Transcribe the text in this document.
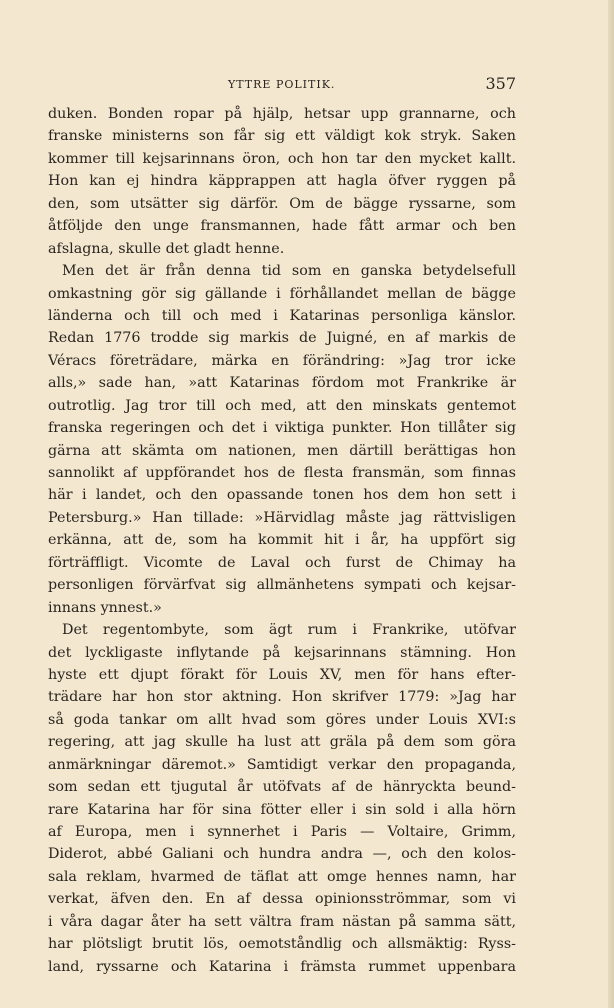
YTTRE POLITIK.	357
duken. Bonden ropar på hjälp, hetsar upp grannarne, och
franske ministerns son får sig ett väldigt kok stryk. Saken
kommer till kejsarinnans öron, och hon tar den mycket kallt.
Hon kan ej hindra käpprappen att hagla öfver ryggen på
den, som utsätter sig därför. Om de bägge ryssarne, som
åtföljde den unge fransmannen, hade fått armar och ben
afslagna, skulle det gladt henne.
Men det är från denna tid som en ganska betydelsefull
omkastning gör sig gällande i förhållandet mellan de bägge
länderna och till och med i Katarinas personliga känslor.
Redan 1776 trodde sig markis de Juigné, en af markis de
Véracs företrädare, märka en förändring: »Jag tror icke
alls,» sade han, »att Katarinas fördom mot Frankrike är
outrotlig. Jag tror till och med, att den minskats gentemot
franska regeringen och det i viktiga punkter. Hon tillåter sig
gärna att skämta om nationen, men därtill berättigas hon
sannolikt af uppförandet hos de flesta fransmän, som finnas
här i landet, och den opassande tonen hos dem hon sett i
Petersburg.» Han tillade: »Härvidlag måste jag rättvisligen
erkänna, att de, som ha kommit hit i år, ha uppfört sig
förträffligt. Vicomte de Laval och furst de Chimay ha
personligen förvärfvat sig allmänhetens sympati och kejsar-
innans ynnest.»
Det regentombyte, som ägt rum i Frankrike, utöfvar
det lyckligaste inflytande på kejsarinnans stämning. Hon
hyste ett djupt förakt för Louis XV, men för hans efter-
trädare har hon stor aktning. Hon skrifver 1779: »Jag har
så goda tankar om allt hvad som göres under Louis XVI:s
regering, att jag skulle ha lust att gräla på dem som göra
anmärkningar däremot.» Samtidigt verkar den propaganda,
som sedan ett tjugutal år utöfvats af de hänryckta beund-
rare Katarina har för sina fötter eller i sin sold i alla hörn
af Europa, men i synnerhet i Paris — Voltaire, Grimm,
Diderot, abbé Galiani och hundra andra —, och den kolos-
sala reklam, hvarmed de täflat att omge hennes namn, har
verkat, äfven den. En af dessa opinionsströmmar, som vi
i våra dagar åter ha sett vältra fram nästan på samma sätt,
har plötsligt brutit lös, oemotståndlig och allsmäktig: Ryss-
land, ryssarne och Katarina i främsta rummet uppenbara
